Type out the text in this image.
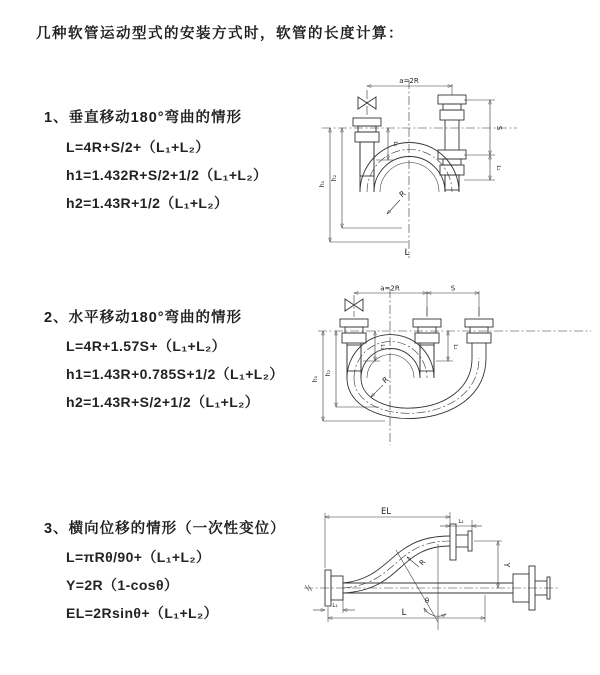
几种软管运动型式的安装方式时，软管的长度计算：
1、垂直移动180°弯曲的情形
L=4R+S/2+（L₁+L₂）
h1=1.432R+S/2+1/2（L₁+L₂）
h2=1.43R+1/2（L₁+L₂）
2、水平移动180°弯曲的情形
L=4R+1.57S+（L₁+L₂）
h1=1.43R+0.785S+1/2（L₁+L₂）
h2=1.43R+S/2+1/2（L₁+L₂）
3、横向位移的情形（一次性变位）
L=πRθ/90+（L₁+L₂）
Y=2R（1-cosθ）
EL=2Rsinθ+（L₁+L₂）
a=2R
S
L₂
L₁
h₁
h₂
R
L
a=2R	S
h₁
h₂
L₁	L₂
R
EL
L₂
Y
θ
R
L₁
L
